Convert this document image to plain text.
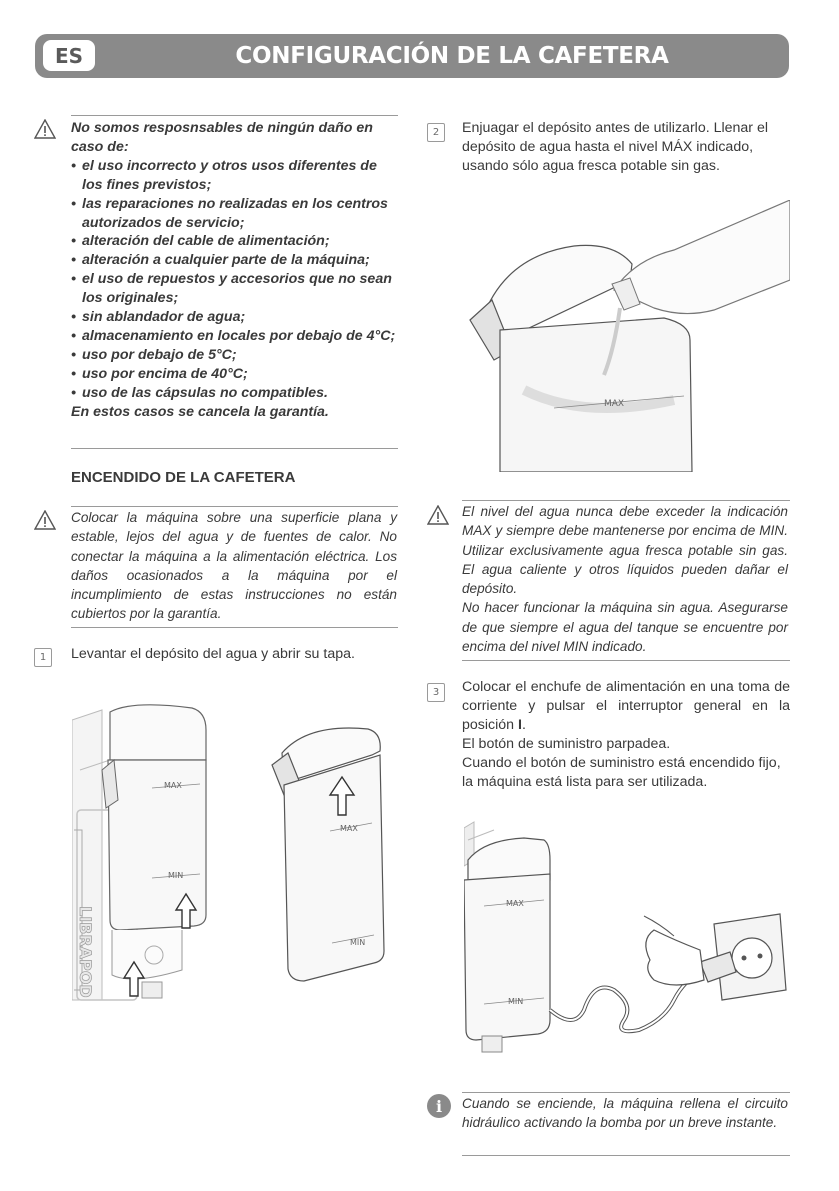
ES	CONFIGURACIÓN DE LA CAFETERA
No somos resposnsables de ningún daño en caso de:
• el uso incorrecto y otros usos diferentes de los fines previstos;
• las reparaciones no realizadas en los centros autorizados de servicio;
• alteración del cable de alimentación;
• alteración a cualquier parte de la máquina;
• el uso de repuestos y accesorios que no sean los originales;
• sin ablandador de agua;
• almacenamiento en locales por debajo de 4°C;
• uso por debajo de 5°C;
• uso por encima de 40°C;
• uso de las cápsulas no compatibles.
En estos casos se cancela la garantía.
ENCENDIDO DE LA CAFETERA
Colocar la máquina sobre una superficie plana y estable, lejos del agua y de fuentes de calor. No conectar la máquina a la alimentación eléctrica. Los daños ocasionados a la máquina por el incumplimiento de estas instrucciones no están cubiertos por la garantía.
1	Levantar el depósito del agua y abrir su tapa.
LIBRAPOD
MAX
MIN
MAX
MIN
2	Enjuagar el depósito antes de utilizarlo. Llenar el depósito de agua hasta el nivel MÁX indicado, usando sólo agua fresca potable sin gas.
MAX
El nivel del agua nunca debe exceder la indicación MAX y siempre debe mantenerse por encima de MIN. Utilizar exclusivamente agua fresca potable sin gas. El agua caliente y otros líquidos pueden dañar el depósito.
No hacer funcionar la máquina sin agua. Asegurarse de que siempre el agua del tanque se encuentre por encima del nivel MIN indicado.
3	Colocar el enchufe de alimentación en una toma de corriente y pulsar el interruptor general en la posición I.
El botón de suministro parpadea.
Cuando el botón de suministro está encendido fijo, la máquina está lista para ser utilizada.
MAX
MIN
i	Cuando se enciende, la máquina rellena el circuito hidráulico activando la bomba por un breve instante.
